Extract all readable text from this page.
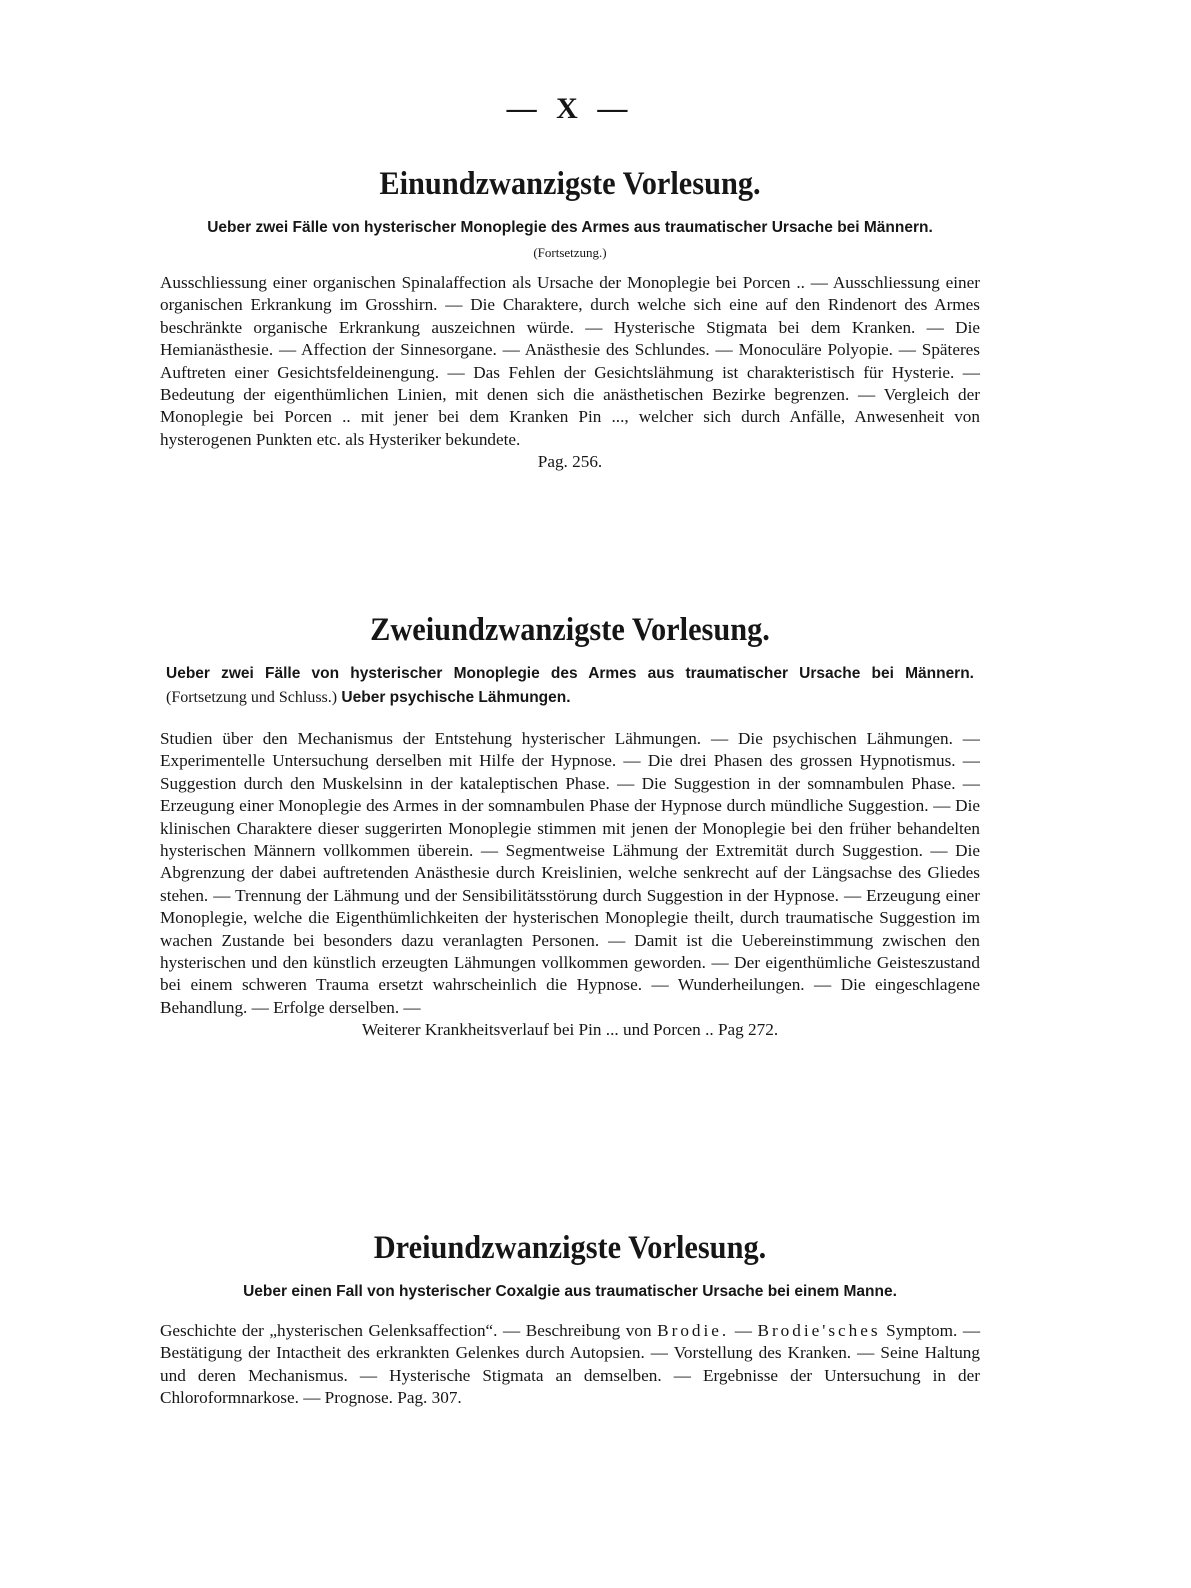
— X —
Einundzwanzigste Vorlesung.

Ueber zwei Fälle von hysterischer Monoplegie des Armes aus traumatischer Ursache bei Männern.

(Fortsetzung.)

Ausschliessung einer organischen Spinalaffection als Ursache der Monoplegie bei Porcen .. — Ausschliessung einer organischen Erkrankung im Grosshirn. — Die Charaktere, durch welche sich eine auf den Rindenort des Armes beschränkte organische Erkrankung auszeichnen würde. — Hysterische Stigmata bei dem Kranken. — Die Hemianästhesie. — Affection der Sinnesorgane. — Anästhesie des Schlundes. — Monoculäre Polyopie. — Späteres Auftreten einer Gesichtsfeldeinengung. — Das Fehlen der Gesichtslähmung ist charakteristisch für Hysterie. — Bedeutung der eigenthümlichen Linien, mit denen sich die anästhetischen Bezirke begrenzen. — Vergleich der Monoplegie bei Porcen .. mit jener bei dem Kranken Pin ..., welcher sich durch Anfälle, Anwesenheit von hysterogenen Punkten etc. als Hysteriker bekundete.
Pag. 256.

Zweiundzwanzigste Vorlesung.

Ueber zwei Fälle von hysterischer Monoplegie des Armes aus traumatischer Ursache bei Männern. (Fortsetzung und Schluss.) Ueber psychische Lähmungen.

Studien über den Mechanismus der Entstehung hysterischer Lähmungen. — Die psychischen Lähmungen. — Experimentelle Untersuchung derselben mit Hilfe der Hypnose. — Die drei Phasen des grossen Hypnotismus. — Suggestion durch den Muskelsinn in der kataleptischen Phase. — Die Suggestion in der somnambulen Phase. — Erzeugung einer Monoplegie des Armes in der somnambulen Phase der Hypnose durch mündliche Suggestion. — Die klinischen Charaktere dieser suggerirten Monoplegie stimmen mit jenen der Monoplegie bei den früher behandelten hysterischen Männern vollkommen überein. — Segmentweise Lähmung der Extremität durch Suggestion. — Die Abgrenzung der dabei auftretenden Anästhesie durch Kreislinien, welche senkrecht auf der Längsachse des Gliedes stehen. — Trennung der Lähmung und der Sensibilitätsstörung durch Suggestion in der Hypnose. — Erzeugung einer Monoplegie, welche die Eigenthümlichkeiten der hysterischen Monoplegie theilt, durch traumatische Suggestion im wachen Zustande bei besonders dazu veranlagten Personen. — Damit ist die Uebereinstimmung zwischen den hysterischen und den künstlich erzeugten Lähmungen vollkommen geworden. — Der eigenthümliche Geisteszustand bei einem schweren Trauma ersetzt wahrscheinlich die Hypnose. — Wunderheilungen. — Die eingeschlagene Behandlung. — Erfolge derselben. —
Weiterer Krankheitsverlauf bei Pin ... und Porcen .. Pag 272.

Dreiundzwanzigste Vorlesung.

Ueber einen Fall von hysterischer Coxalgie aus traumatischer Ursache bei einem Manne.

Geschichte der „hysterischen Gelenksaffection“. — Beschreibung von Brodie. — Brodie'sches Symptom. — Bestätigung der Intactheit des erkrankten Gelenkes durch Autopsien. — Vorstellung des Kranken. — Seine Haltung und deren Mechanismus. — Hysterische Stigmata an demselben. — Ergebnisse der Untersuchung in der Chloroformnarkose. — Prognose. Pag. 307.
